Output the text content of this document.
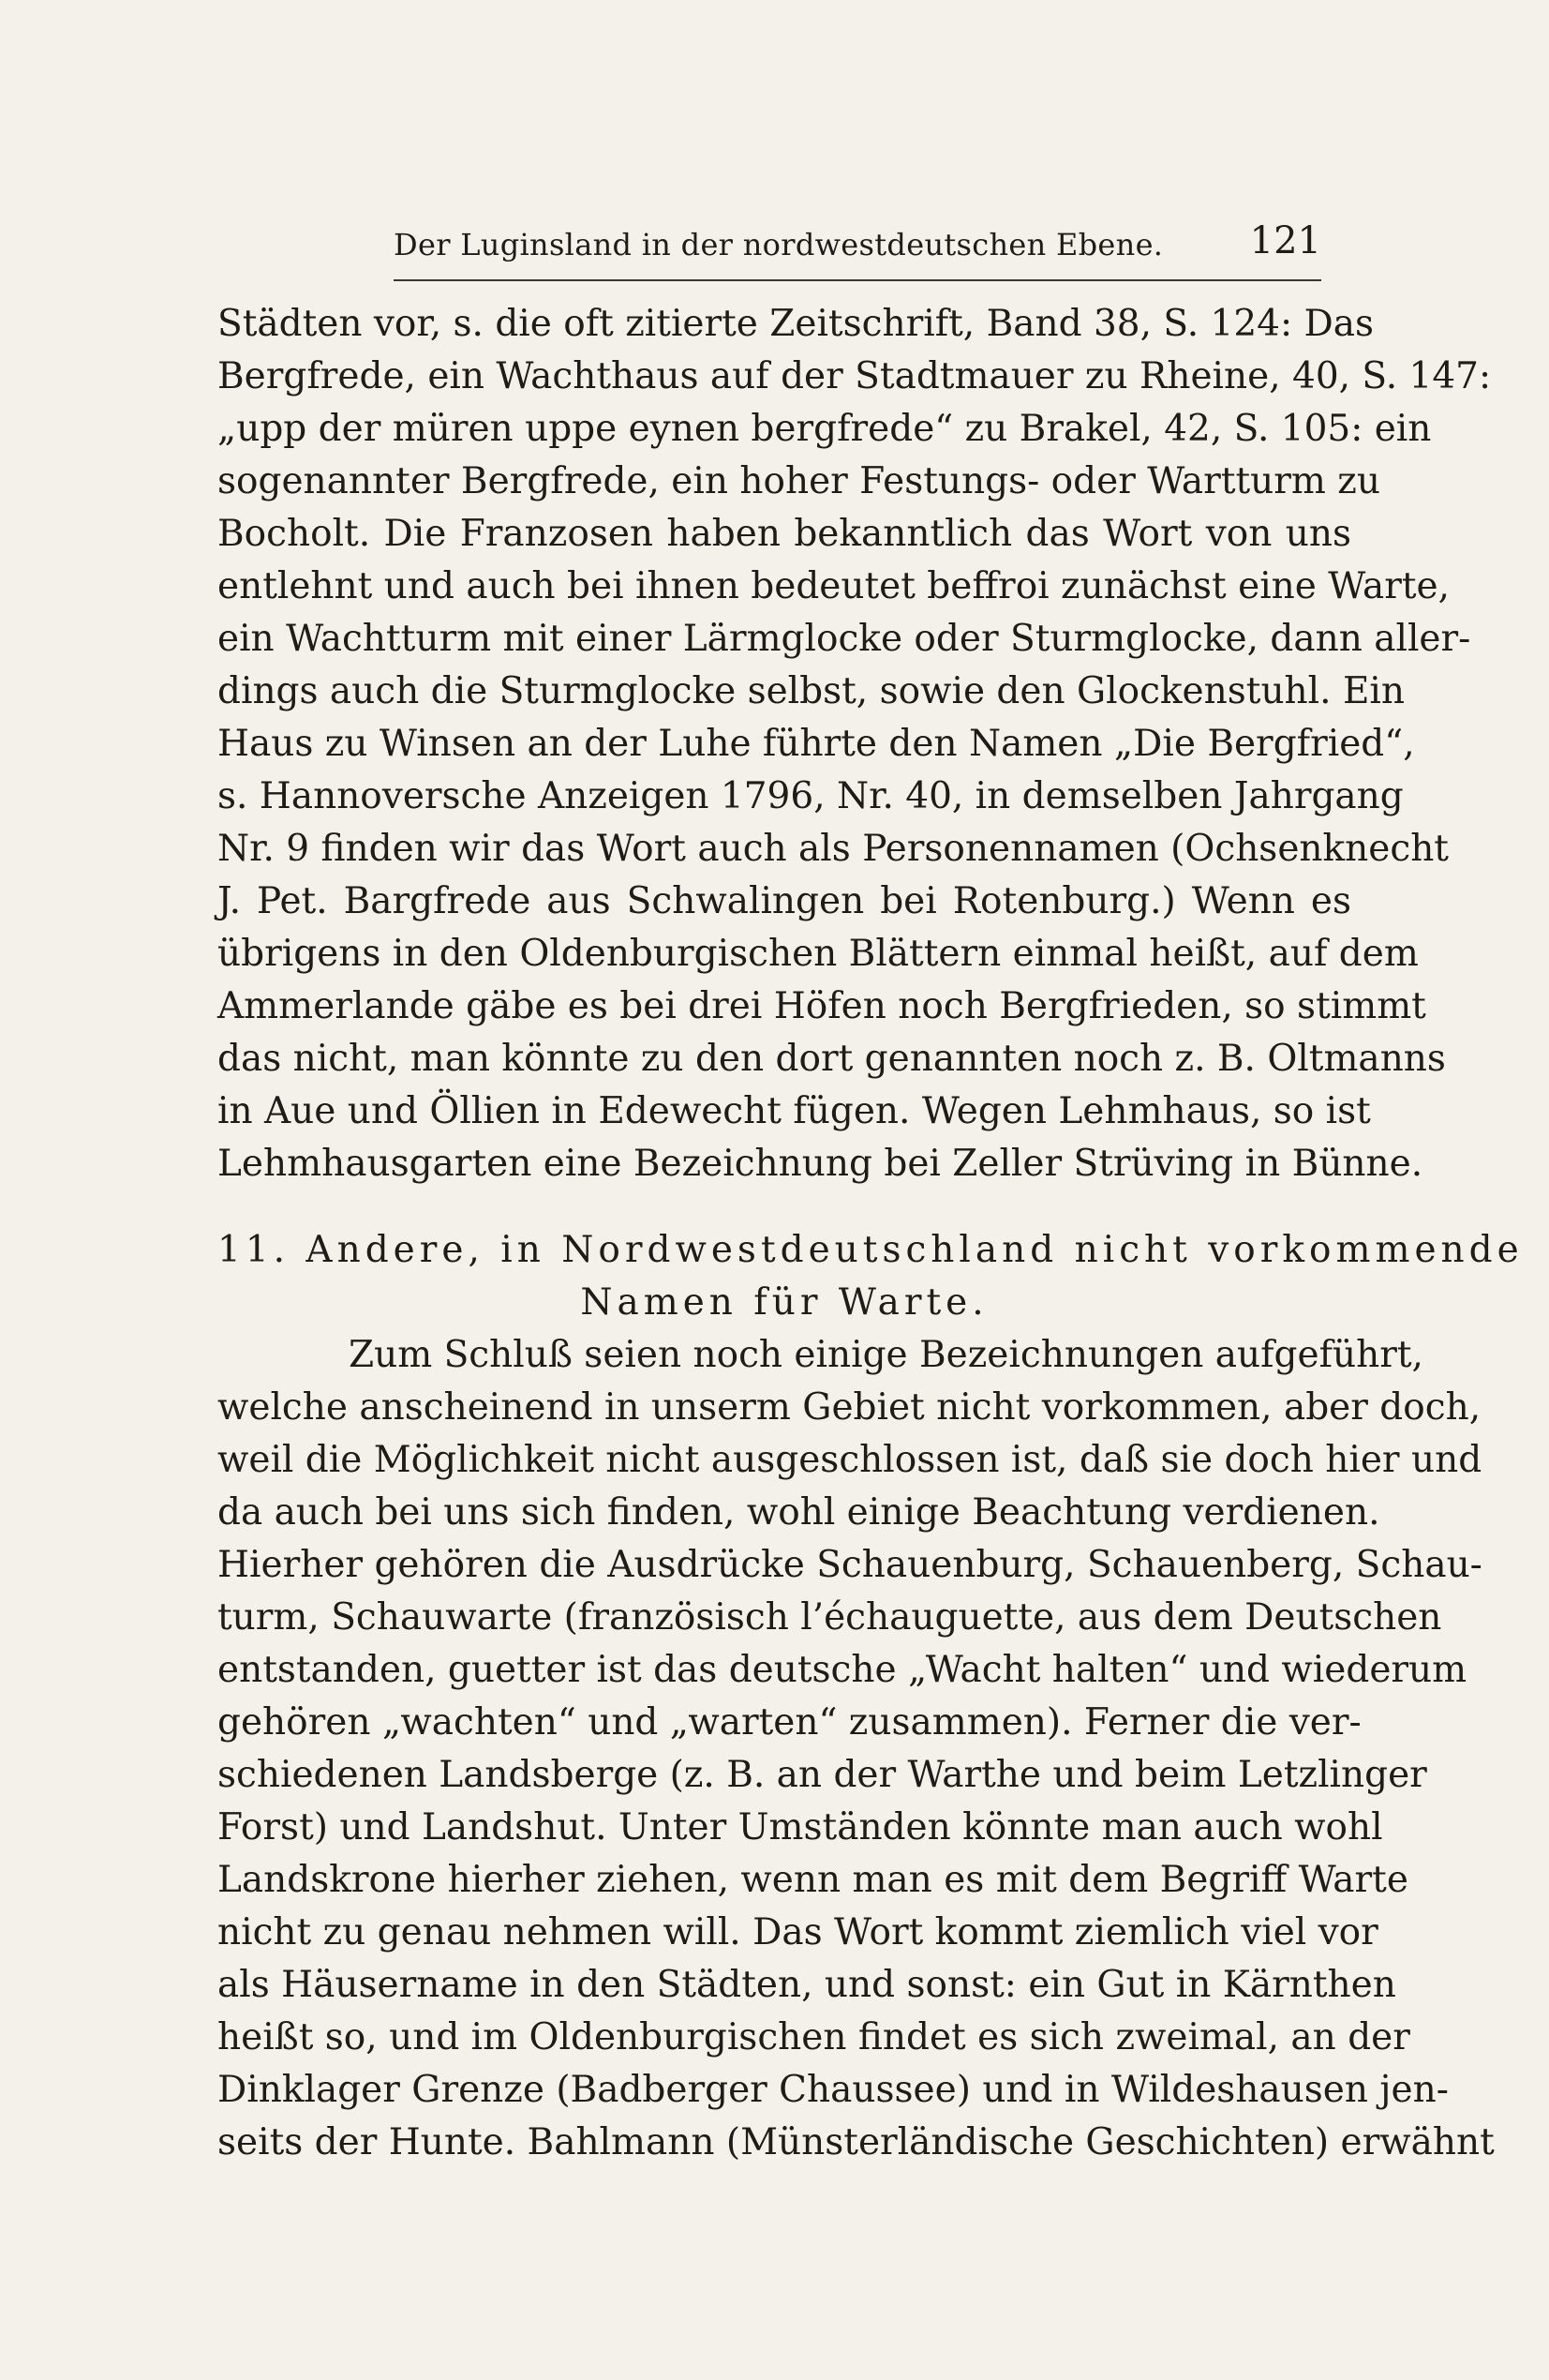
Der Luginsland in der nordwestdeutschen Ebene. 121
Städten vor, s. die oft zitierte Zeitschrift, Band 38, S. 124: Das
Bergfrede, ein Wachthaus auf der Stadtmauer zu Rheine, 40, S. 147:
„upp der müren uppe eynen bergfrede“ zu Brakel, 42, S. 105: ein
sogenannter Bergfrede, ein hoher Festungs- oder Wartturm zu
Bocholt. Die Franzosen haben bekanntlich das Wort von uns
entlehnt und auch bei ihnen bedeutet beffroi zunächst eine Warte,
ein Wachtturm mit einer Lärmglocke oder Sturmglocke, dann aller-
dings auch die Sturmglocke selbst, sowie den Glockenstuhl. Ein
Haus zu Winsen an der Luhe führte den Namen „Die Bergfried“,
s. Hannoversche Anzeigen 1796, Nr. 40, in demselben Jahrgang
Nr. 9 finden wir das Wort auch als Personennamen (Ochsenknecht
J. Pet. Bargfrede aus Schwalingen bei Rotenburg.) Wenn es
übrigens in den Oldenburgischen Blättern einmal heißt, auf dem
Ammerlande gäbe es bei drei Höfen noch Bergfrieden, so stimmt
das nicht, man könnte zu den dort genannten noch z. B. Oltmanns
in Aue und Öllien in Edewecht fügen. Wegen Lehmhaus, so ist
Lehmhausgarten eine Bezeichnung bei Zeller Strüving in Bünne.
11. Andere, in Nordwestdeutschland nicht vorkommende
Namen für Warte.
Zum Schluß seien noch einige Bezeichnungen aufgeführt,
welche anscheinend in unserm Gebiet nicht vorkommen, aber doch,
weil die Möglichkeit nicht ausgeschlossen ist, daß sie doch hier und
da auch bei uns sich finden, wohl einige Beachtung verdienen.
Hierher gehören die Ausdrücke Schauenburg, Schauenberg, Schau-
turm, Schauwarte (französisch l’échauguette, aus dem Deutschen
entstanden, guetter ist das deutsche „Wacht halten“ und wiederum
gehören „wachten“ und „warten“ zusammen). Ferner die ver-
schiedenen Landsberge (z. B. an der Warthe und beim Letzlinger
Forst) und Landshut. Unter Umständen könnte man auch wohl
Landskrone hierher ziehen, wenn man es mit dem Begriff Warte
nicht zu genau nehmen will. Das Wort kommt ziemlich viel vor
als Häusername in den Städten, und sonst: ein Gut in Kärnthen
heißt so, und im Oldenburgischen findet es sich zweimal, an der
Dinklager Grenze (Badberger Chaussee) und in Wildeshausen jen-
seits der Hunte. Bahlmann (Münsterländische Geschichten) erwähnt
